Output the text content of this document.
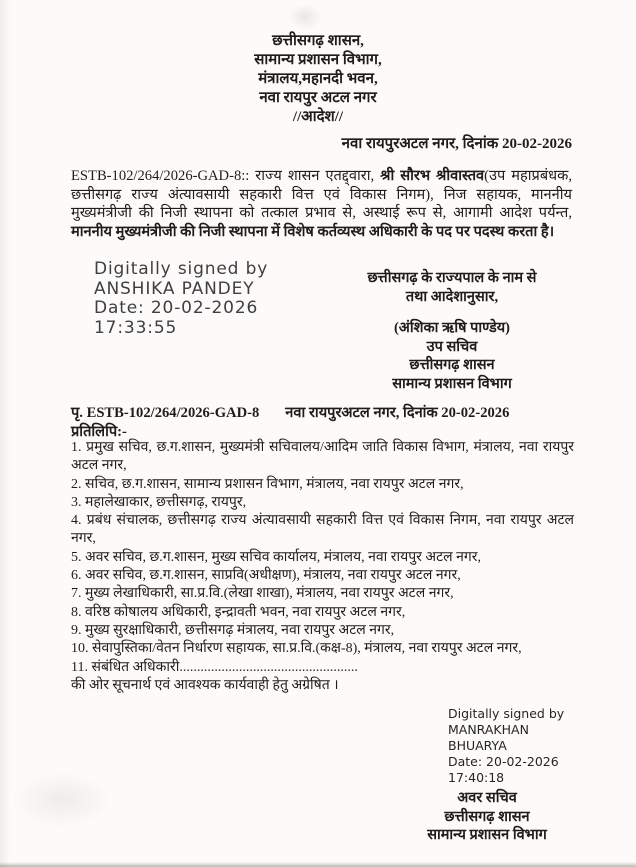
छत्तीसगढ़ शासन,
सामान्य प्रशासन विभाग,
मंत्रालय,महानदी भवन,
नवा रायपुर अटल नगर
//आदेश//
नवा रायपुरअटल नगर, दिनांक 20-02-2026
ESTB-102/264/2026-GAD-8:: राज्य शासन एतद्द्वारा, श्री सौरभ श्रीवास्तव(उप महाप्रबंधक, छत्तीसगढ़ राज्य अंत्यावसायी सहकारी वित्त एवं विकास निगम), निज सहायक, माननीय मुख्यमंत्रीजी की निजी स्थापना को तत्काल प्रभाव से, अस्थाई रूप से, आगामी आदेश पर्यन्त, माननीय मुख्यमंत्रीजी की निजी स्थापना में विशेष कर्तव्यस्थ अधिकारी के पद पर पदस्थ करता है।
Digitally signed by
ANSHIKA PANDEY
Date: 20-02-2026
17:33:55
छत्तीसगढ़ के राज्यपाल के नाम से
तथा आदेशानुसार,
(अंशिका ऋषि पाण्डेय)
उप सचिव
छत्तीसगढ़ शासन
सामान्य प्रशासन विभाग
पृ. ESTB-102/264/2026-GAD-8 नवा रायपुरअटल नगर, दिनांक 20-02-2026
प्रतिलिपि:-
1. प्रमुख सचिव, छ.ग.शासन, मुख्यमंत्री सचिवालय/आदिम जाति विकास विभाग, मंत्रालय, नवा रायपुर अटल नगर,
2. सचिव, छ.ग.शासन, सामान्य प्रशासन विभाग, मंत्रालय, नवा रायपुर अटल नगर,
3. महालेखाकार, छत्तीसगढ़, रायपुर,
4. प्रबंध संचालक, छत्तीसगढ़ राज्य अंत्यावसायी सहकारी वित्त एवं विकास निगम, नवा रायपुर अटल नगर,
5. अवर सचिव, छ.ग.शासन, मुख्य सचिव कार्यालय, मंत्रालय, नवा रायपुर अटल नगर,
6. अवर सचिव, छ.ग.शासन, साप्रवि(अधीक्षण), मंत्रालय, नवा रायपुर अटल नगर,
7. मुख्य लेखाधिकारी, सा.प्र.वि.(लेखा शाखा), मंत्रालय, नवा रायपुर अटल नगर,
8. वरिष्ठ कोषालय अधिकारी, इन्द्रावती भवन, नवा रायपुर अटल नगर,
9. मुख्य सुरक्षाधिकारी, छत्तीसगढ़ मंत्रालय, नवा रायपुर अटल नगर,
10. सेवापुस्तिका/वेतन निर्धारण सहायक, सा.प्र.वि.(कक्ष-8), मंत्रालय, नवा रायपुर अटल नगर,
11. संबंधित अधिकारी...................................................
की ओर सूचनार्थ एवं आवश्यक कार्यवाही हेतु अग्रेषित ।
Digitally signed by
MANRAKHAN BHUARYA
Date: 20-02-2026
17:40:18
अवर सचिव
छत्तीसगढ़ शासन
सामान्य प्रशासन विभाग
